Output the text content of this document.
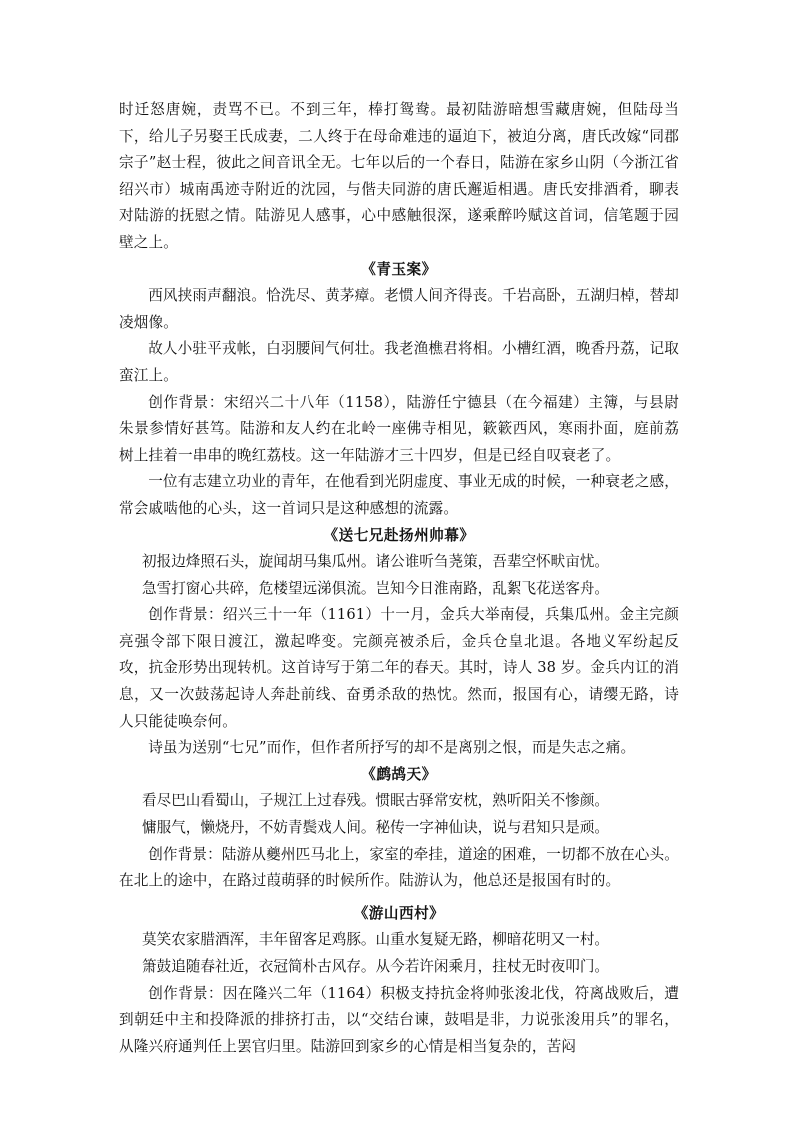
时迁怒唐婉，责骂不已。不到三年，棒打鸳鸯。最初陆游暗想雪藏唐婉，但陆母当下，给儿子另娶王氏成妻，二人终于在母命难违的逼迫下，被迫分离，唐氏改嫁“同郡宗子”赵士程，彼此之间音讯全无。七年以后的一个春日，陆游在家乡山阴（今浙江省绍兴市）城南禹迹寺附近的沈园，与偕夫同游的唐氏邂逅相遇。唐氏安排酒肴，聊表对陆游的抚慰之情。陆游见人感事，心中感触很深，遂乘醉吟赋这首词，信笔题于园壁之上。

《青玉案》

西风挟雨声翻浪。恰洗尽、黄茅瘴。老惯人间齐得丧。千岩高卧，五湖归棹，替却凌烟像。

故人小驻平戎帐，白羽腰间气何壮。我老渔樵君将相。小槽红酒，晚香丹荔，记取蛮江上。

创作背景：宋绍兴二十八年（1158），陆游任宁德县（在今福建）主簿，与县尉朱景参情好甚笃。陆游和友人约在北岭一座佛寺相见，簌簌西风，寒雨扑面，庭前荔树上挂着一串串的晚红荔枝。这一年陆游才三十四岁，但是已经自叹衰老了。

一位有志建立功业的青年，在他看到光阴虚度、事业无成的时候，一种衰老之感，常会戚啮他的心头，这一首词只是这种感想的流露。

《送七兄赴扬州帅幕》

初报边烽照石头，旋闻胡马集瓜州。诸公谁听刍荛策，吾辈空怀畎亩忧。

急雪打窗心共碎，危楼望远涕俱流。岂知今日淮南路，乱絮飞花送客舟。

创作背景：绍兴三十一年（1161）十一月，金兵大举南侵，兵集瓜州。金主完颜亮强令部下限日渡江，激起哗变。完颜亮被杀后，金兵仓皇北退。各地义军纷起反攻，抗金形势出现转机。这首诗写于第二年的春天。其时，诗人 38 岁。金兵内讧的消息，又一次鼓荡起诗人奔赴前线、奋勇杀敌的热忱。然而，报国有心，请缨无路，诗人只能徒唤奈何。

诗虽为送别“七兄”而作，但作者所抒写的却不是离别之恨，而是失志之痛。

《鹧鸪天》

看尽巴山看蜀山，子规江上过春残。惯眠古驿常安枕，熟听阳关不惨颜。

慵服气，懒烧丹，不妨青鬓戏人间。秘传一字神仙诀，说与君知只是顽。

创作背景：陆游从夔州匹马北上，家室的牵挂，道途的困难，一切都不放在心头。在北上的途中，在路过葭萌驿的时候所作。陆游认为，他总还是报国有时的。

《游山西村》

莫笑农家腊酒浑，丰年留客足鸡豚。山重水复疑无路，柳暗花明又一村。

箫鼓追随春社近，衣冠简朴古风存。从今若许闲乘月，拄杖无时夜叩门。

创作背景：因在隆兴二年（1164）积极支持抗金将帅张浚北伐，符离战败后，遭到朝廷中主和投降派的排挤打击，以“交结台谏，鼓唱是非，力说张浚用兵”的罪名，从隆兴府通判任上罢官归里。陆游回到家乡的心情是相当复杂的，苦闷
